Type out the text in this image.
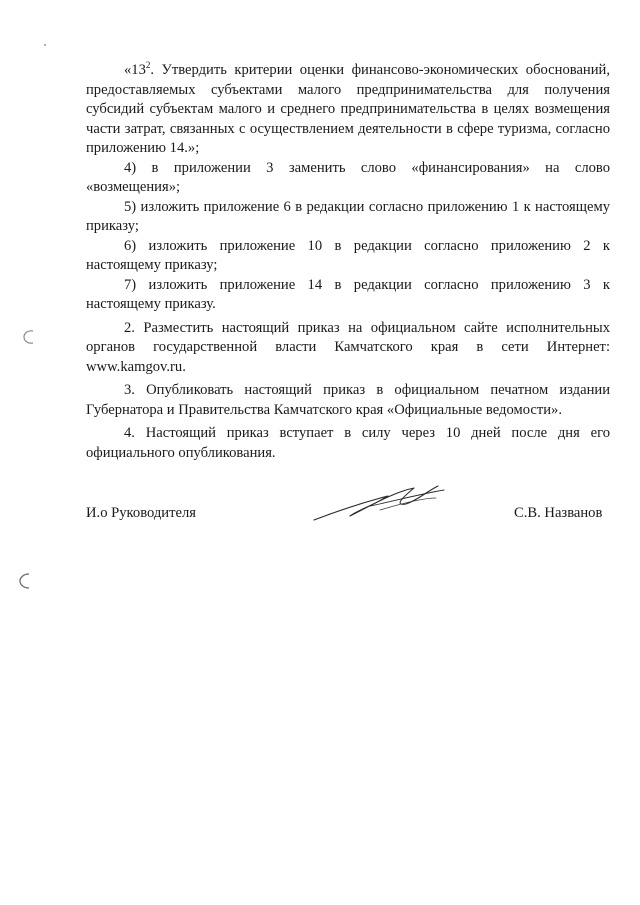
«$13^2$. Утвердить критерии оценки финансово-экономических обоснований, предоставляемых субъектами малого предпринимательства для получения субсидий субъектам малого и среднего предпринимательства в целях возмещения части затрат, связанных с осуществлением деятельности в сфере туризма, согласно приложению 14.»;

4) в приложении 3 заменить слово «финансирования» на слово «возмещения»;

5) изложить приложение 6 в редакции согласно приложению 1 к настоящему приказу;

6) изложить приложение 10 в редакции согласно приложению 2 к настоящему приказу;

7) изложить приложение 14 в редакции согласно приложению 3 к настоящему приказу.

2. Разместить настоящий приказ на официальном сайте исполнительных органов государственной власти Камчатского края в сети Интернет: www.kamgov.ru.

3. Опубликовать настоящий приказ в официальном печатном издании Губернатора и Правительства Камчатского края «Официальные ведомости».

4. Настоящий приказ вступает в силу через 10 дней после дня его официального опубликования.

И.о Руководителя	С.В. Названов
